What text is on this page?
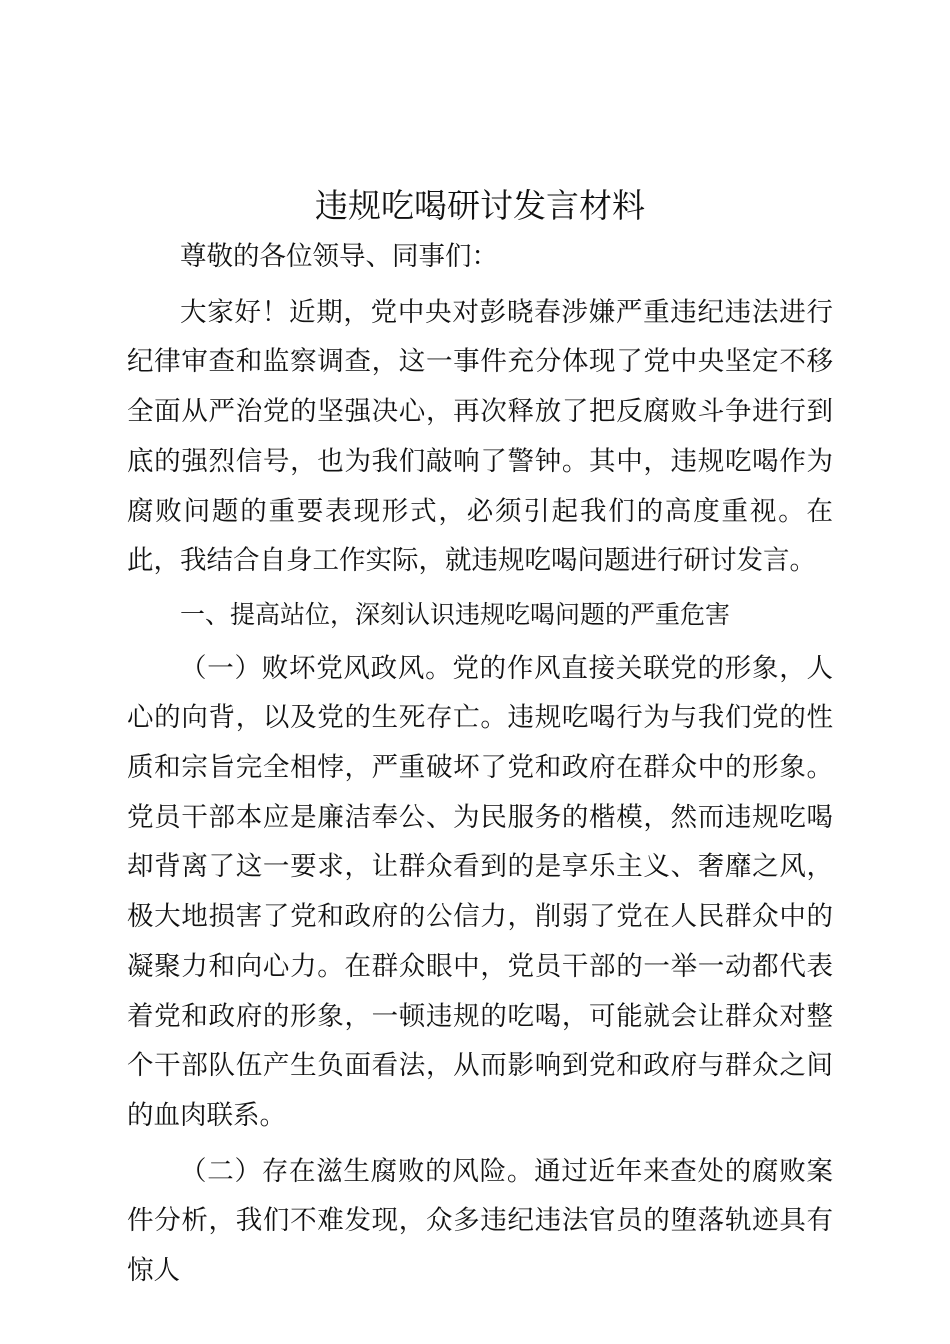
违规吃喝研讨发言材料

尊敬的各位领导、同事们：

大家好！近期，党中央对彭晓春涉嫌严重违纪违法进行纪律审查和监察调查，这一事件充分体现了党中央坚定不移全面从严治党的坚强决心，再次释放了把反腐败斗争进行到底的强烈信号，也为我们敲响了警钟。其中，违规吃喝作为腐败问题的重要表现形式，必须引起我们的高度重视。在此，我结合自身工作实际，就违规吃喝问题进行研讨发言。

一、提高站位，深刻认识违规吃喝问题的严重危害

（一）败坏党风政风。党的作风直接关联党的形象，人心的向背，以及党的生死存亡。违规吃喝行为与我们党的性质和宗旨完全相悖，严重破坏了党和政府在群众中的形象。党员干部本应是廉洁奉公、为民服务的楷模，然而违规吃喝却背离了这一要求，让群众看到的是享乐主义、奢靡之风，极大地损害了党和政府的公信力，削弱了党在人民群众中的凝聚力和向心力。在群众眼中，党员干部的一举一动都代表着党和政府的形象，一顿违规的吃喝，可能就会让群众对整个干部队伍产生负面看法，从而影响到党和政府与群众之间的血肉联系。

（二）存在滋生腐败的风险。通过近年来查处的腐败案件分析，我们不难发现，众多违纪违法官员的堕落轨迹具有惊人
